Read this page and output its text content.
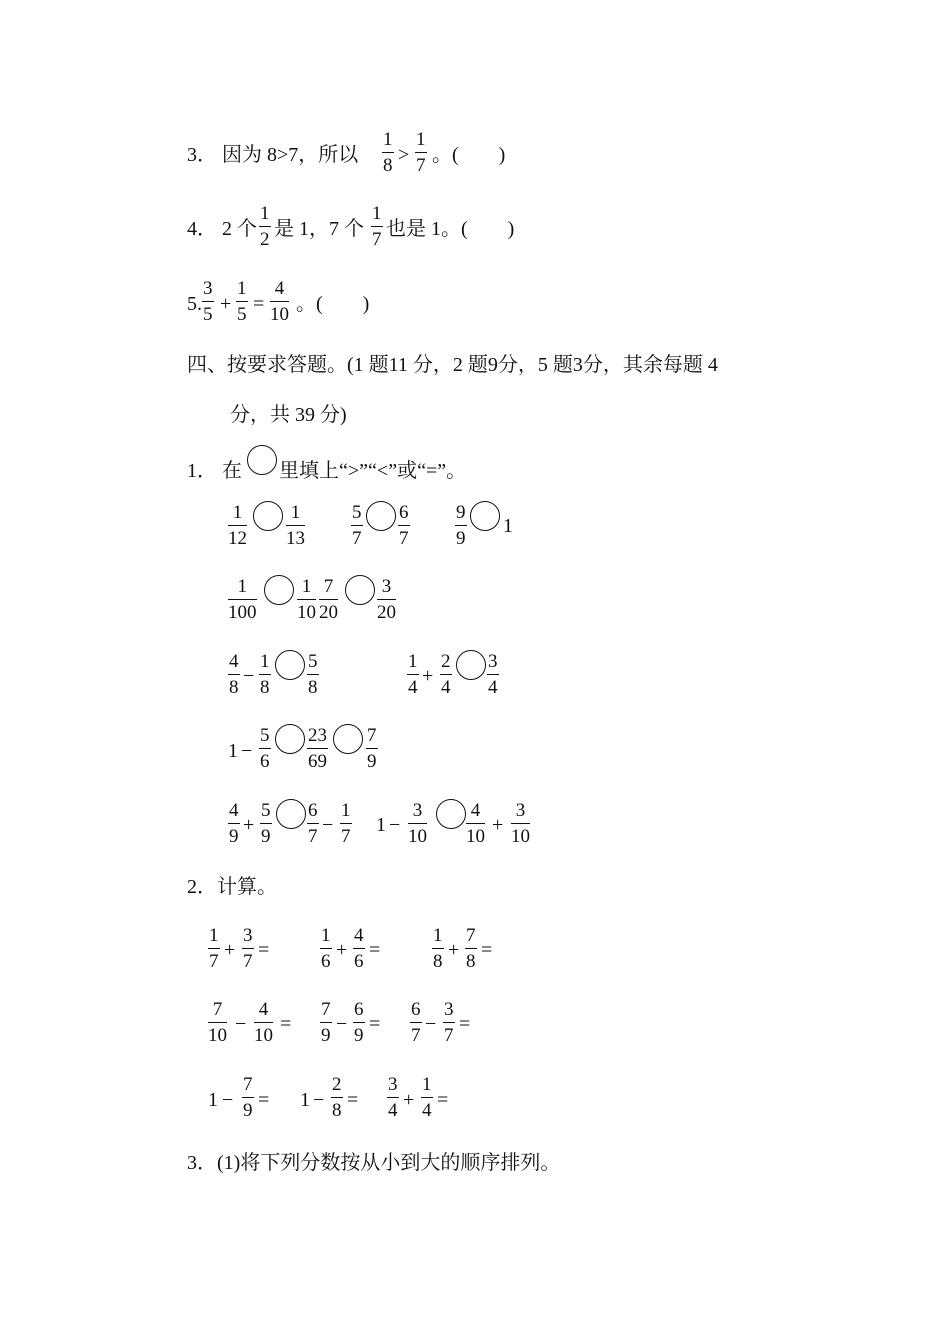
3． 因为 8>7，所以
1
8 >
1
7 。(　　)
4． 2 个
1
2 是 1，7 个
1
7 也是 1。(　　)
5.
3
5 +
1
5 =
4
10 。(　　)
四、按要求答题。(1 题11 分，2 题9分，5 题3分，其余每题 4
分，共 39 分)
1． 在 里填上“>”“<”或“=”。
1
12
1
13
5
7
6
7
9
9
1
1
100
1
10
7
20
3
20
4
8
−
1
8
5
8
1
4
+
2
4
3
4
1 −
5
6
23
69
7
9
4
9
+
5
9
6
7
−
1
7
1 −
3
10
4
10
+
3
10
2．计算。
1
7
+
3
7
=
1
6
+
4
6
=
1
8
+
7
8
=
7
10
−
4
10
=
7
9
−
6
9
=
6
7
−
3
7
=
1 −
7
9 = 1 −
2
8 =
3
4 +
1
4 =
3．(1)将下列分数按从小到大的顺序排列。
